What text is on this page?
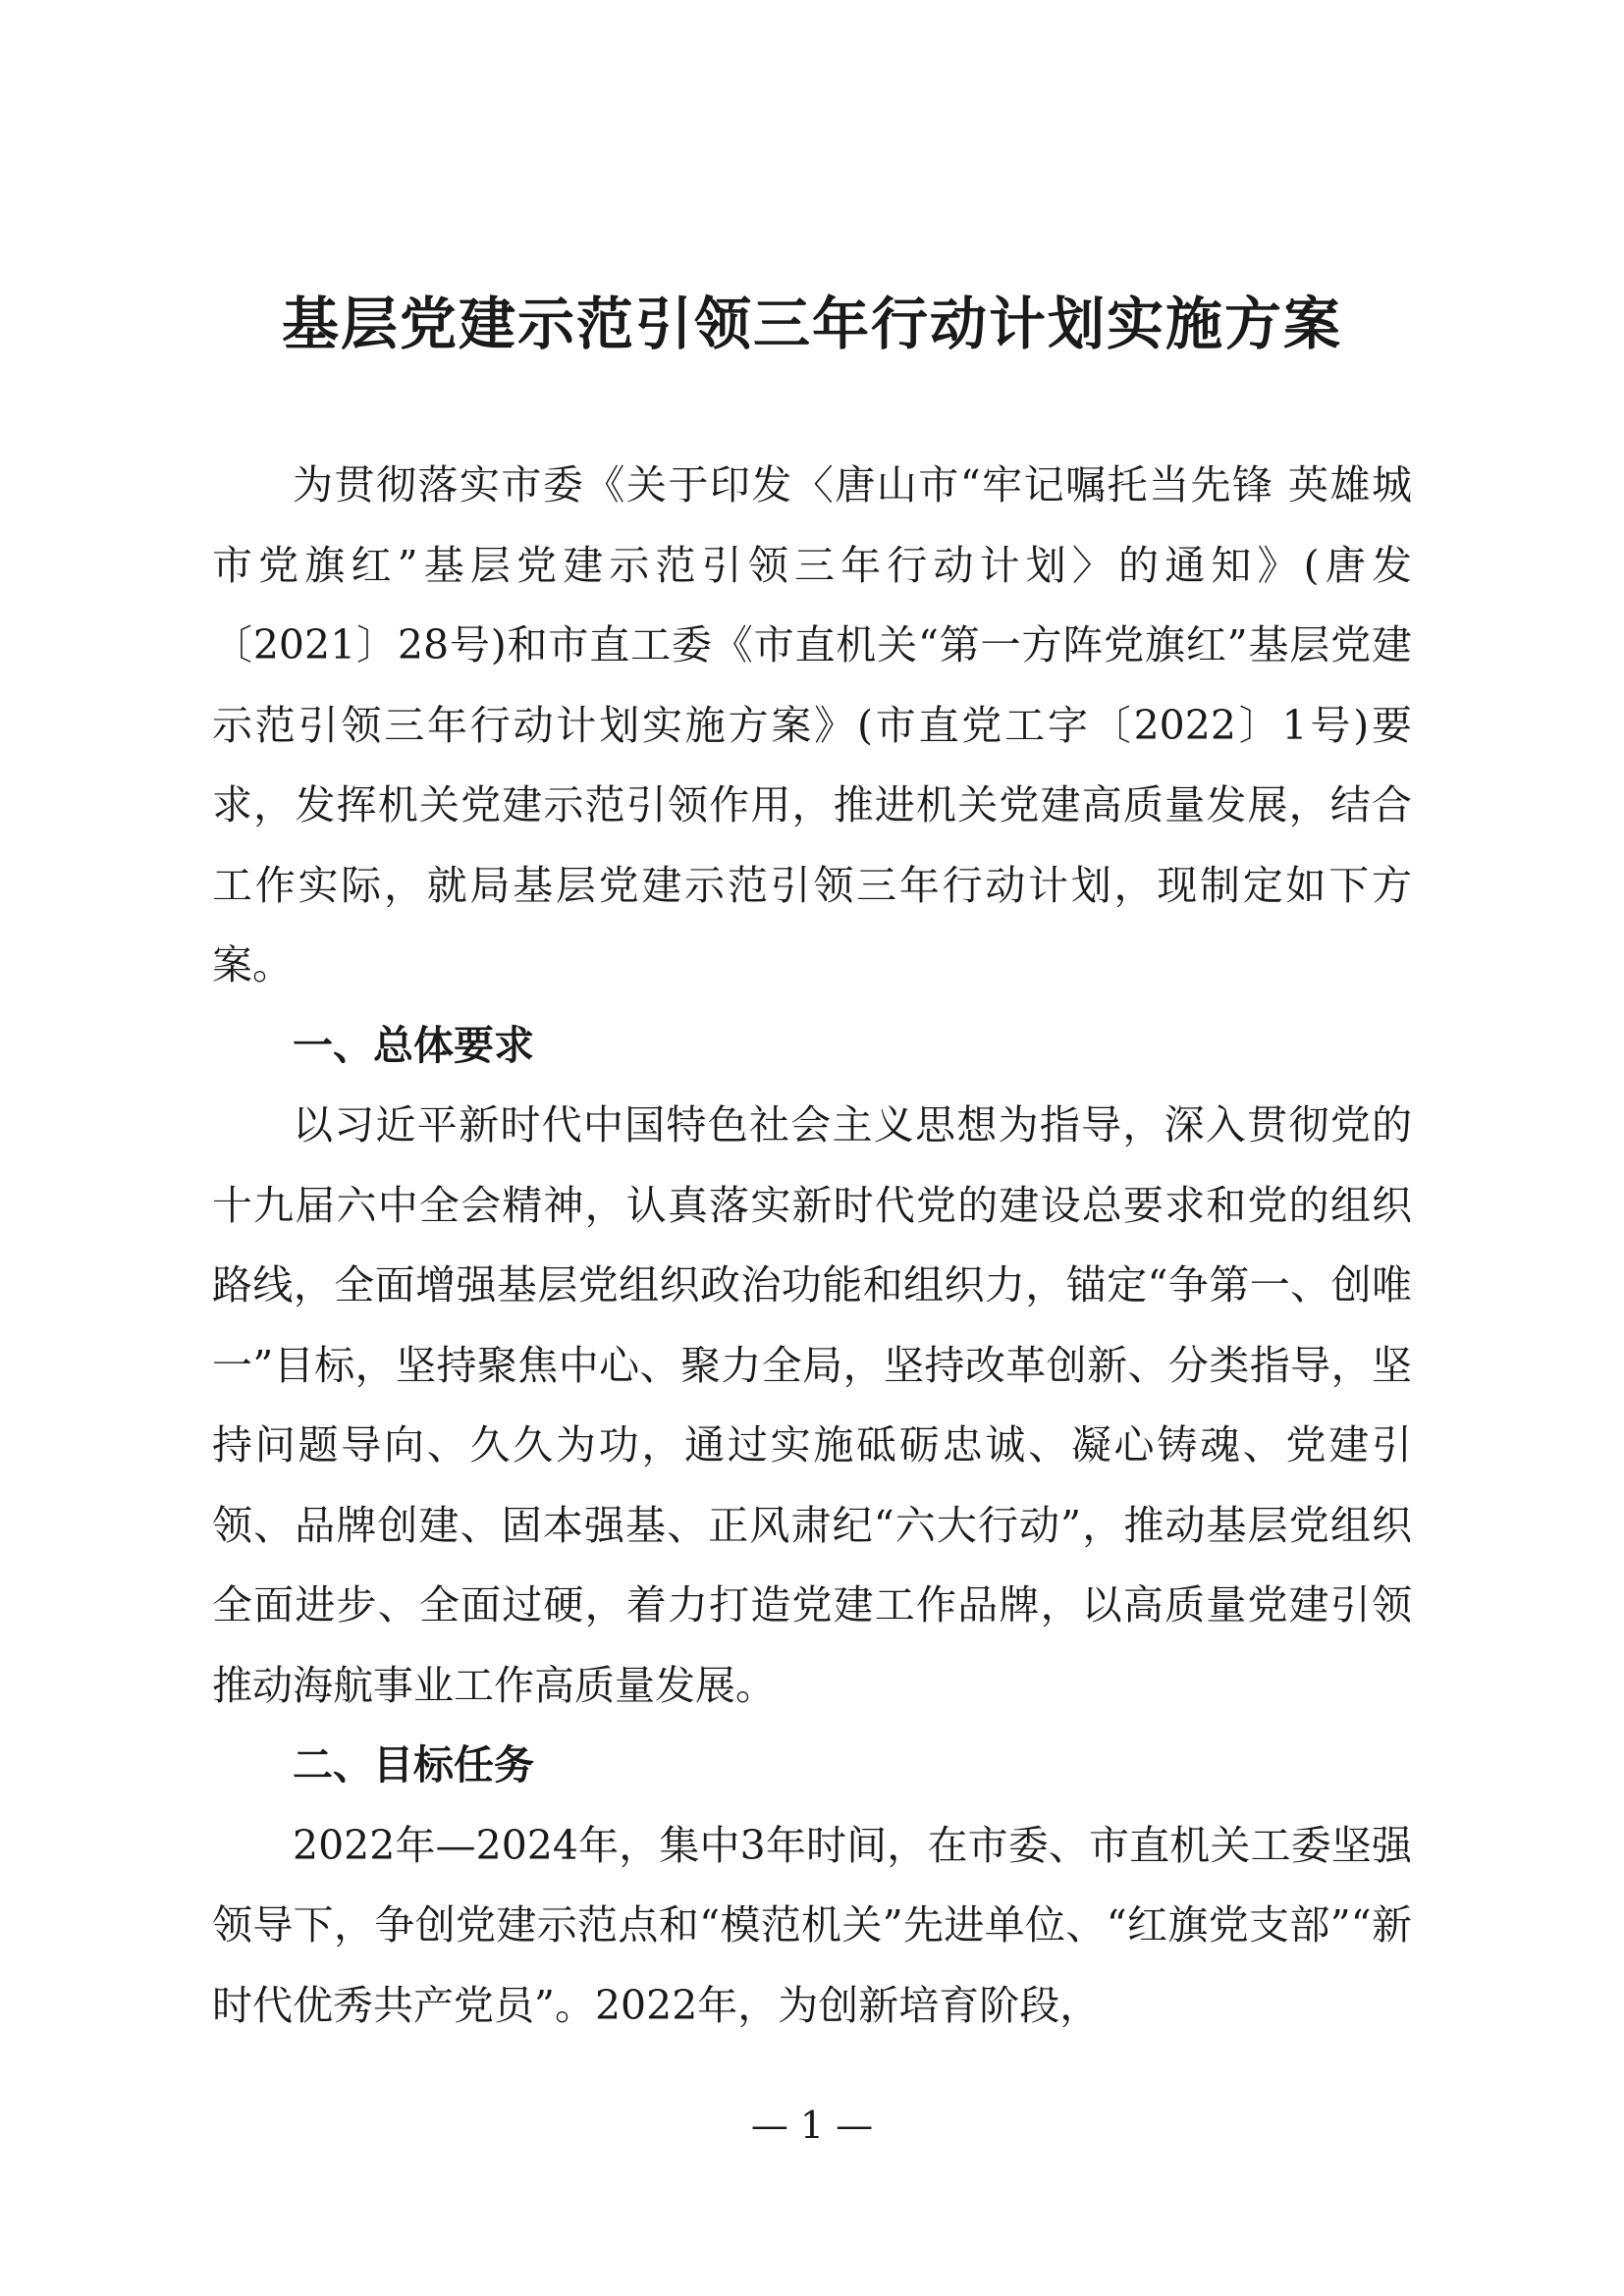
基层党建示范引领三年行动计划实施方案

为贯彻落实市委《关于印发〈唐山市“牢记嘱托当先锋 英雄城市党旗红”基层党建示范引领三年行动计划〉的通知》(唐发〔2021〕28号)和市直工委《市直机关“第一方阵党旗红”基层党建示范引领三年行动计划实施方案》(市直党工字〔2022〕1号)要求，发挥机关党建示范引领作用，推进机关党建高质量发展，结合工作实际，就局基层党建示范引领三年行动计划，现制定如下方案。

一、总体要求

以习近平新时代中国特色社会主义思想为指导，深入贯彻党的十九届六中全会精神，认真落实新时代党的建设总要求和党的组织路线，全面增强基层党组织政治功能和组织力，锚定“争第一、创唯一”目标，坚持聚焦中心、聚力全局，坚持改革创新、分类指导，坚持问题导向、久久为功，通过实施砥砺忠诚、凝心铸魂、党建引领、品牌创建、固本强基、正风肃纪“六大行动”，推动基层党组织全面进步、全面过硬，着力打造党建工作品牌，以高质量党建引领推动海航事业工作高质量发展。

二、目标任务

2022年—2024年，集中3年时间，在市委、市直机关工委坚强领导下，争创党建示范点和“模范机关”先进单位、“红旗党支部”“新时代优秀共产党员”。2022年，为创新培育阶段，

— 1 —
